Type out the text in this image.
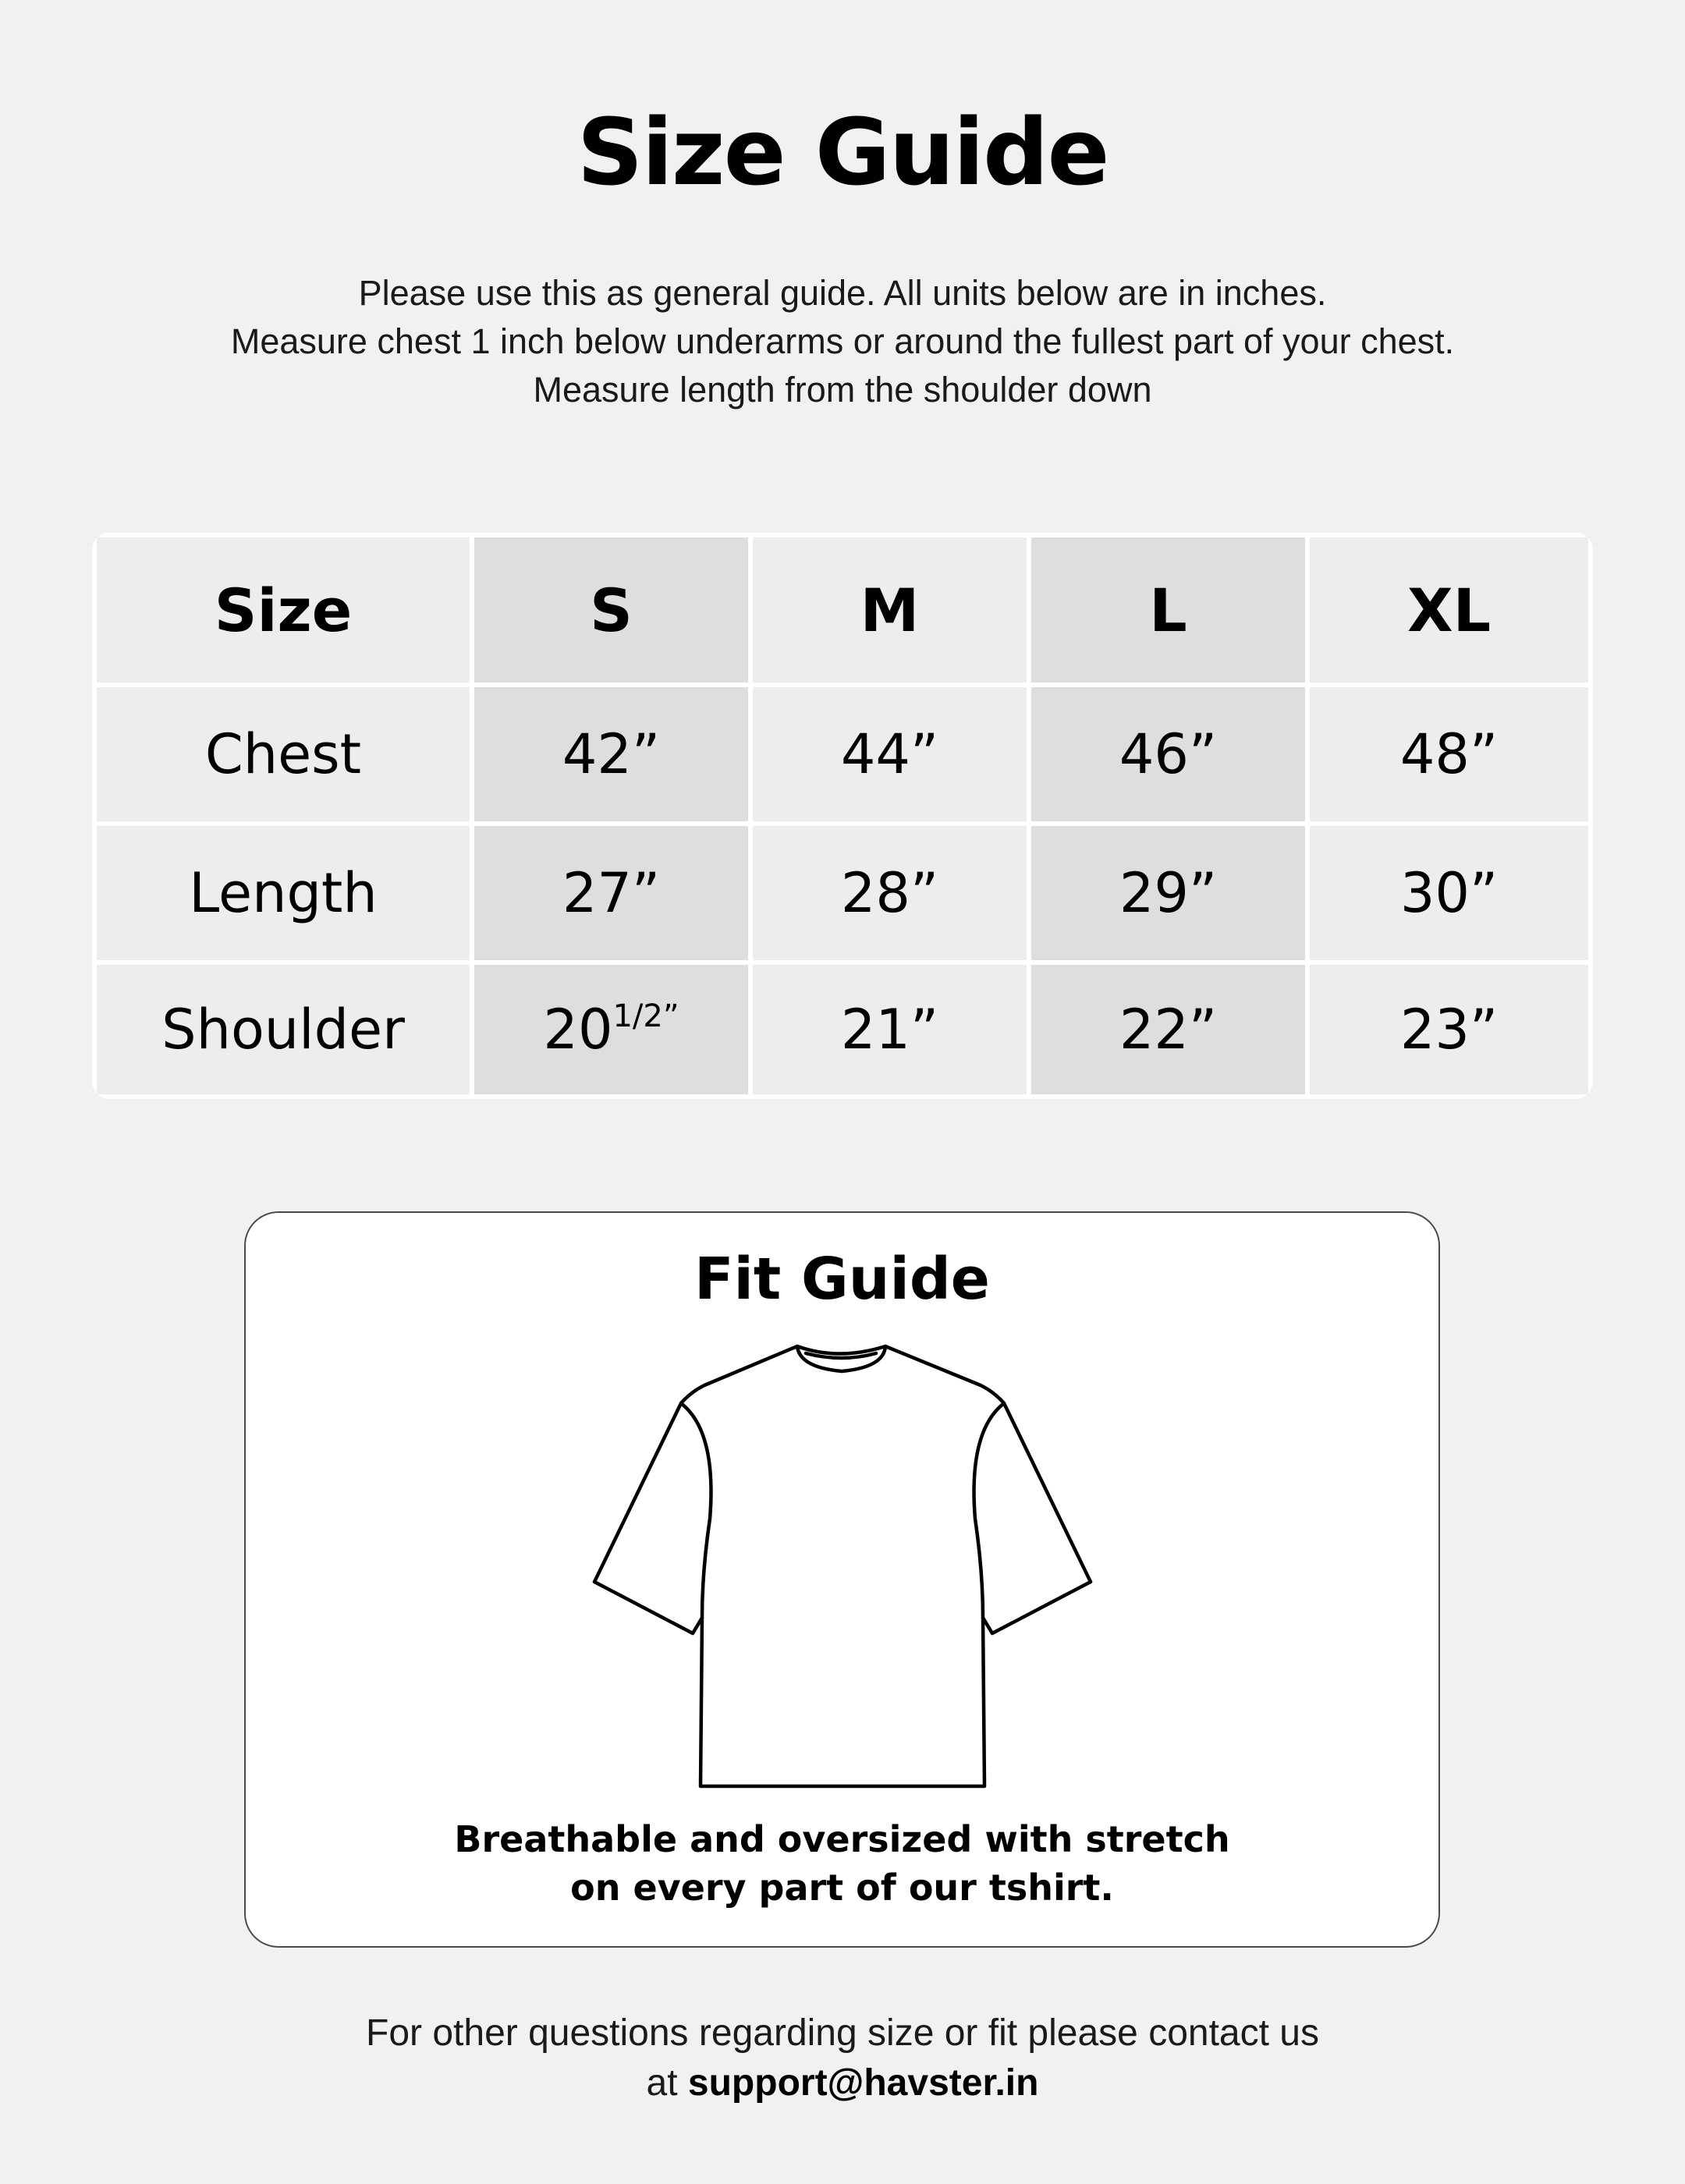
Size Guide
Please use this as general guide. All units below are in inches.
Measure chest 1 inch below underarms or around the fullest part of your chest.
Measure length from the shoulder down
Size	S	M	L	XL
Chest	42”	44”	46”	48”
Length	27”	28”	29”	30”
Shoulder	$20^{1/2”}$	21”	22”	23”
Fit Guide
Breathable and oversized with stretch
on every part of our tshirt.
For other questions regarding size or fit please contact us
at support@havster.in
